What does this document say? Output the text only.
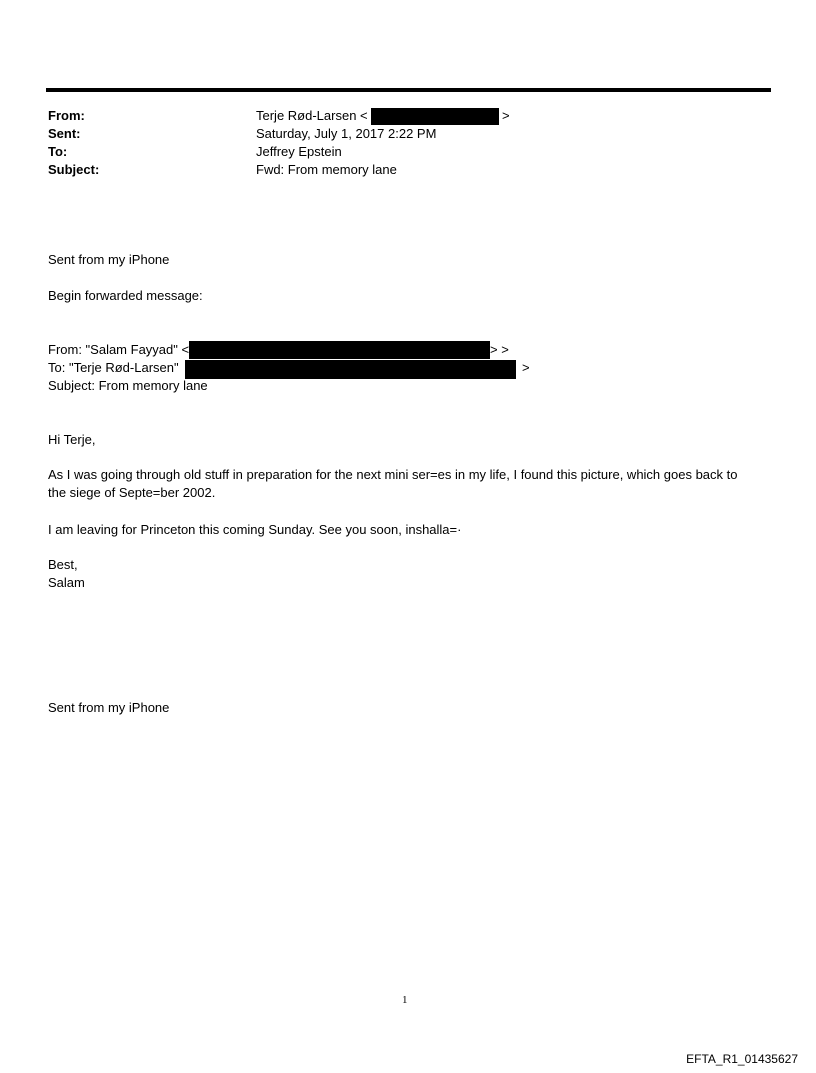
From:	Terje Rød-Larsen <	>
Sent:	Saturday, July 1, 2017 2:22 PM
To:	Jeffrey Epstein
Subject:	Fwd: From memory lane
Sent from my iPhone
Begin forwarded message:
From: "Salam Fayyad" <	> >
To: "Terje Rød-Larsen"	>
Subject: From memory lane
Hi Terje,
As I was going through old stuff in preparation for the next mini ser=es in my life, I found this picture, which goes back to
the siege of Septe=ber 2002.
I am leaving for Princeton this coming Sunday. See you soon, inshalla=·
Best,
Salam
Sent from my iPhone
1
EFTA_R1_01435627
